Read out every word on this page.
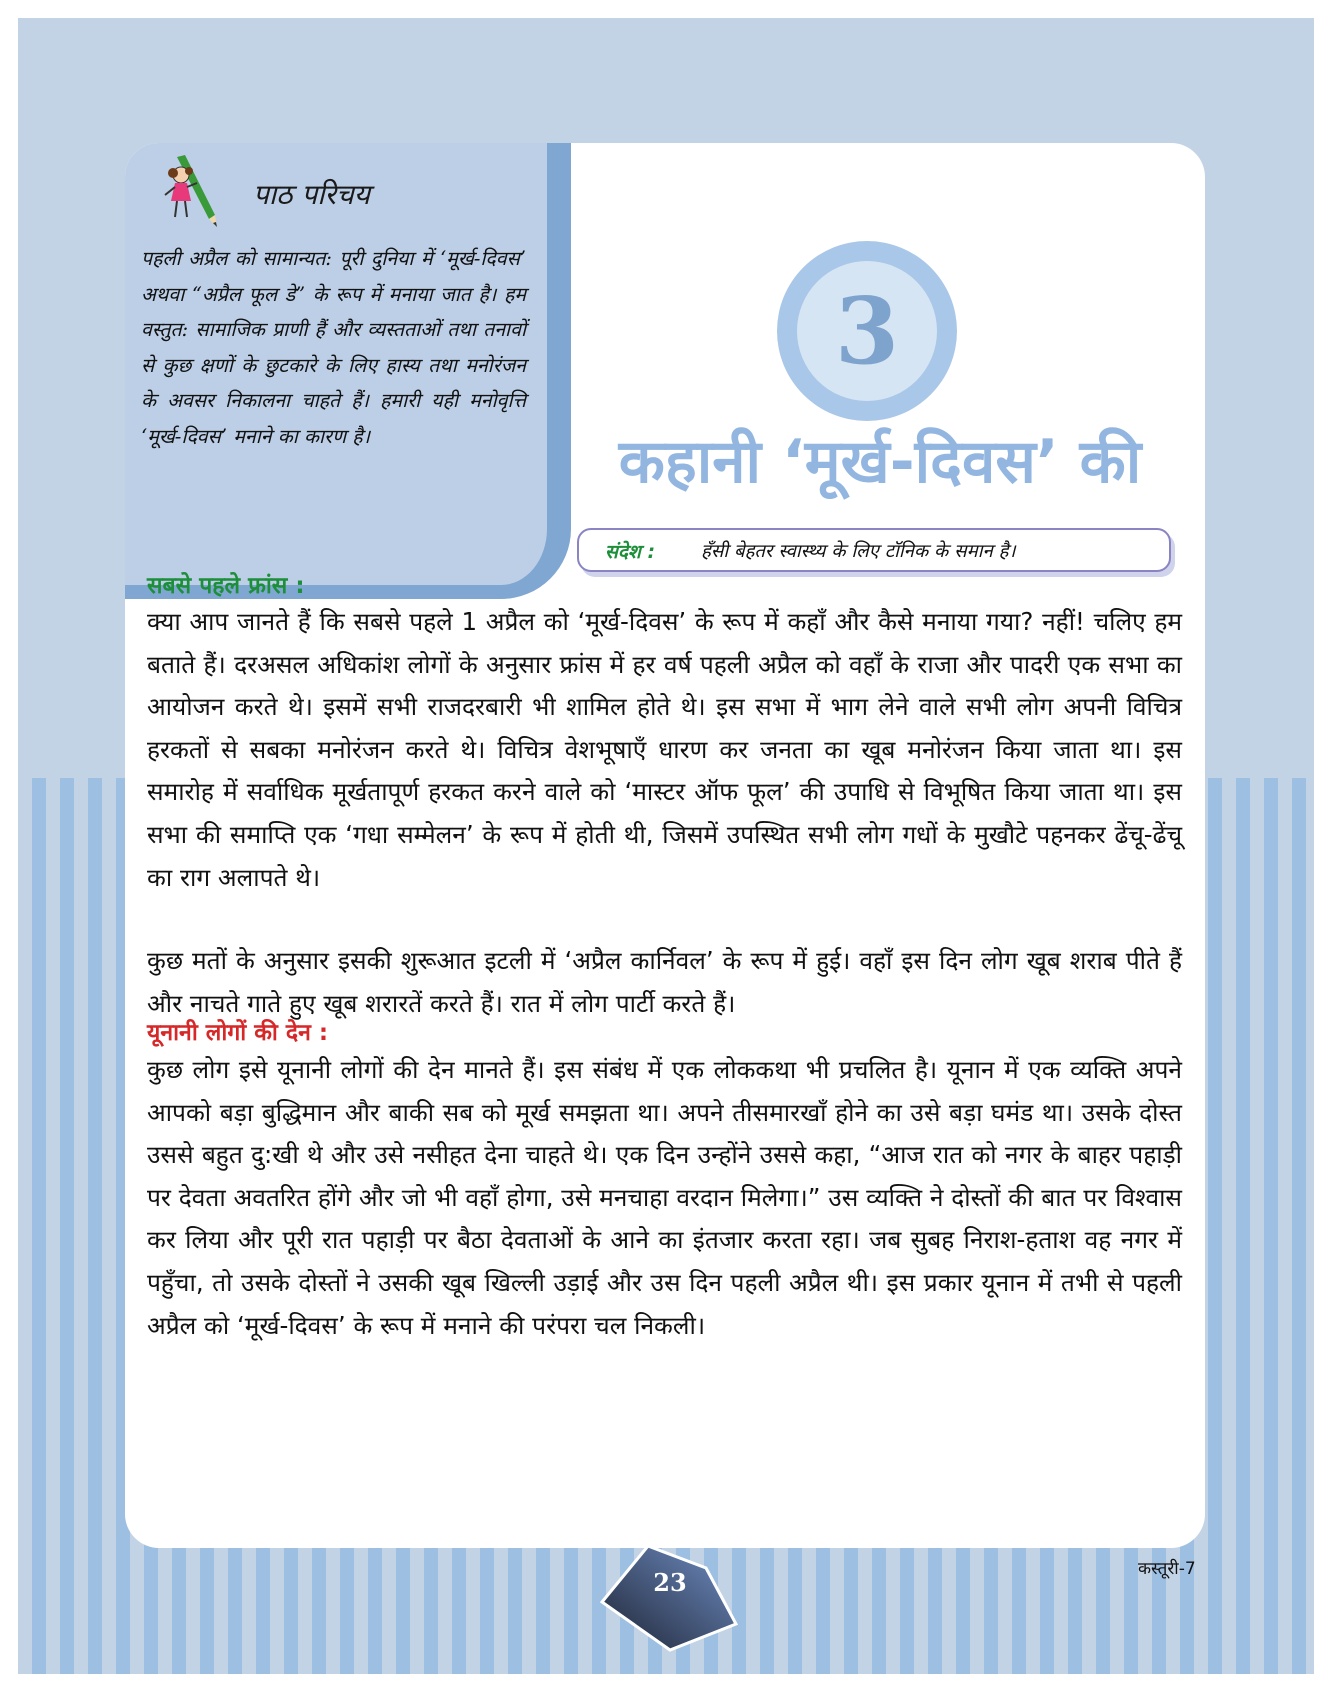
पाठ परिचय
पहली अप्रैल को सामान्यत: पूरी दुनिया में ‘मूर्ख-दिवस’ अथवा “अप्रैल फूल डे” के रूप में मनाया जात है। हम वस्तुत: सामाजिक प्राणी हैं और व्यस्तताओं तथा तनावों से कुछ क्षणों के छुटकारे के लिए हास्य तथा मनोरंजन के अवसर निकालना चाहते हैं। हमारी यही मनोवृत्ति ‘मूर्ख-दिवस’ मनाने का कारण है।
3
कहानी ‘मूर्ख-दिवस’ की
संदेश : हँसी बेहतर स्वास्थ्य के लिए टॉनिक के समान है।
सबसे पहले फ्रांस :

क्या आप जानते हैं कि सबसे पहले 1 अप्रैल को ‘मूर्ख-दिवस’ के रूप में कहाँ और कैसे मनाया गया? नहीं! चलिए हम बताते हैं। दरअसल अधिकांश लोगों के अनुसार फ्रांस में हर वर्ष पहली अप्रैल को वहाँ के राजा और पादरी एक सभा का आयोजन करते थे। इसमें सभी राजदरबारी भी शामिल होते थे। इस सभा में भाग लेने वाले सभी लोग अपनी विचित्र हरकतों से सबका मनोरंजन करते थे। विचित्र वेशभूषाएँ धारण कर जनता का खूब मनोरंजन किया जाता था। इस समारोह में सर्वाधिक मूर्खतापूर्ण हरकत करने वाले को ‘मास्टर ऑफ फूल’ की उपाधि से विभूषित किया जाता था। इस सभा की समाप्ति एक ‘गधा सम्मेलन’ के रूप में होती थी, जिसमें उपस्थित सभी लोग गधों के मुखौटे पहनकर ढेंचू-ढेंचू का राग अलापते थे।

कुछ मतों के अनुसार इसकी शुरूआत इटली में ‘अप्रैल कार्निवल’ के रूप में हुई। वहाँ इस दिन लोग खूब शराब पीते हैं और नाचते गाते हुए खूब शरारतें करते हैं। रात में लोग पार्टी करते हैं।

यूनानी लोगों की देन :

कुछ लोग इसे यूनानी लोगों की देन मानते हैं। इस संबंध में एक लोककथा भी प्रचलित है। यूनान में एक व्यक्ति अपने आपको बड़ा बुद्धिमान और बाकी सब को मूर्ख समझता था। अपने तीसमारखाँ होने का उसे बड़ा घमंड था। उसके दोस्त उससे बहुत दु:खी थे और उसे नसीहत देना चाहते थे। एक दिन उन्होंने उससे कहा, “आज रात को नगर के बाहर पहाड़ी पर देवता अवतरित होंगे और जो भी वहाँ होगा, उसे मनचाहा वरदान मिलेगा।” उस व्यक्ति ने दोस्तों की बात पर विश्वास कर लिया और पूरी रात पहाड़ी पर बैठा देवताओं के आने का इंतजार करता रहा। जब सुबह निराश-हताश वह नगर में पहुँचा, तो उसके दोस्तों ने उसकी खूब खिल्ली उड़ाई और उस दिन पहली अप्रैल थी। इस प्रकार यूनान में तभी से पहली अप्रैल को ‘मूर्ख-दिवस’ के रूप में मनाने की परंपरा चल निकली।

23	कस्तूरी-7
